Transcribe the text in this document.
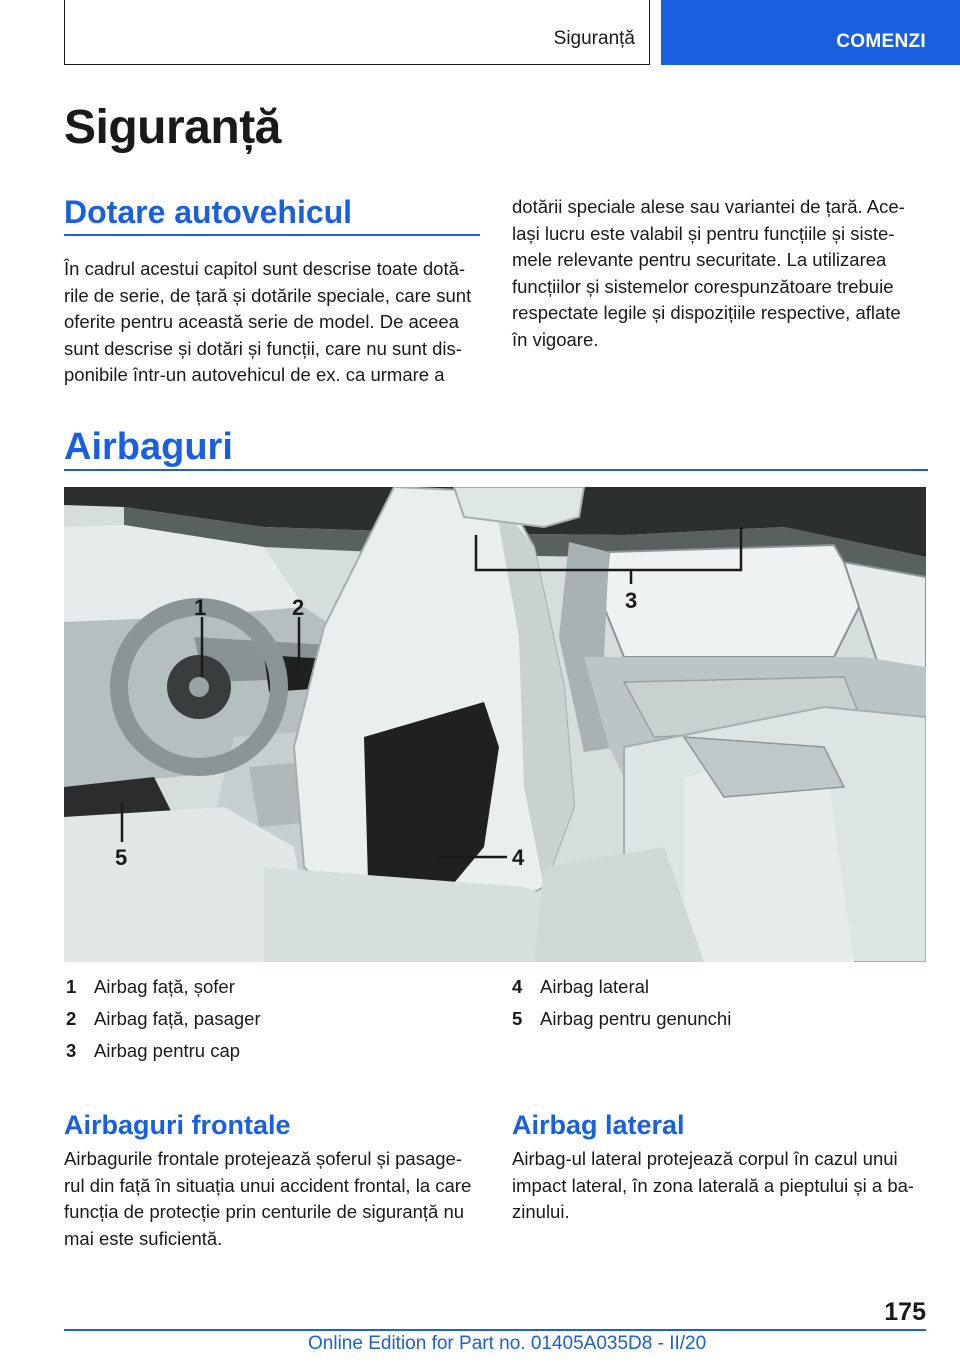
Siguranță	COMENZI
Siguranță
Dotare autovehicul
În cadrul acestui capitol sunt descrise toate dotă-
rile de serie, de țară și dotările speciale, care sunt
oferite pentru această serie de model. De aceea
sunt descrise și dotări și funcții, care nu sunt dis-
ponibile într-un autovehicul de ex. ca urmare a
dotării speciale alese sau variantei de țară. Ace-
lași lucru este valabil și pentru funcțiile și siste-
mele relevante pentru securitate. La utilizarea
funcțiilor și sistemelor corespunzătoare trebuie
respectate legile și dispozițiile respective, aflate
în vigoare.
Airbaguri
1	2	3
4
5
1 Airbag față, șofer
2 Airbag față, pasager
3 Airbag pentru cap
4 Airbag lateral
5 Airbag pentru genunchi
Airbaguri frontale
Airbagurile frontale protejează șoferul și pasage-
rul din față în situația unui accident frontal, la care
funcția de protecție prin centurile de siguranță nu
mai este suficientă.
Airbag lateral
Airbag-ul lateral protejează corpul în cazul unui
impact lateral, în zona laterală a pieptului și a ba-
zinului.
175
Online Edition for Part no. 01405A035D8 - II/20
